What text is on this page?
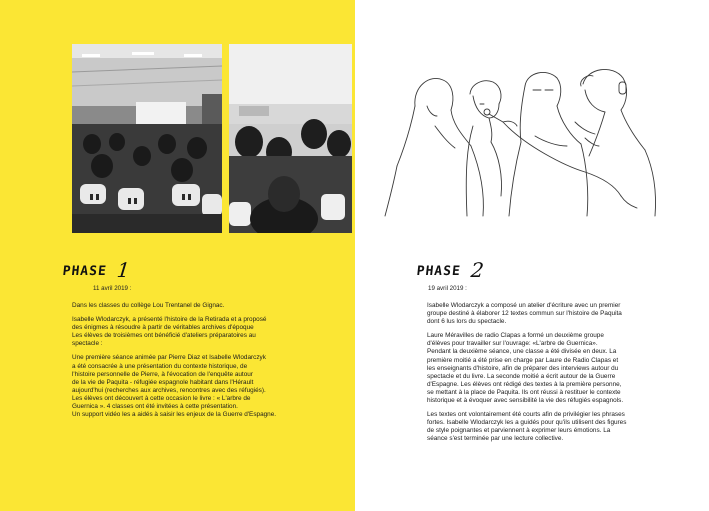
PHASE 1
11 avril 2019 :

Dans les classes du collège Lou Trentanel de Gignac.

Isabelle Wlodarczyk, a présenté l'histoire de la Retirada et a proposé
des énigmes à résoudre à partir de véritables archives d'époque
Les élèves de troisièmes ont bénéficié d'ateliers préparatoires au
spectacle :

Une première séance animée par Pierre Diaz et Isabelle Wlodarczyk
a été consacrée à une présentation du contexte historique, de
l'histoire personnelle de Pierre, à l'évocation de l'enquête autour
de la vie de Paquita - réfugiée espagnole habitant dans l'Hérault
aujourd'hui (recherches aux archives, rencontres avec des réfugiés).
Les élèves ont découvert à cette occasion le livre : « L'arbre de
Guernica ». 4 classes ont été invitées à cette présentation.
Un support vidéo les a aidés à saisir les enjeux de la Guerre d'Espagne.

PHASE 2
19 avril 2019 :

Isabelle Wlodarczyk a composé un atelier d'écriture avec un premier
groupe destiné à élaborer 12 textes commun sur l'histoire de Paquita
dont 6 lus lors du spectacle.

Laure Méravilles de radio Clapas a formé un deuxième groupe
d'élèves pour travailler sur l'ouvrage: «L'arbre de Guernica».
Pendant la deuxième séance, une classe a été divisée en deux. La
première moitié a été prise en charge par Laure de Radio Clapas et
les enseignants d'histoire, afin de préparer des interviews autour du
spectacle et du livre. La seconde moitié a écrit autour de la Guerre
d'Espagne. Les élèves ont rédigé des textes à la première personne,
se mettant à la place de Paquita. Ils ont réussi à restituer le contexte
historique et à évoquer avec sensibilité la vie des réfugiés espagnols.

Les textes ont volontairement été courts afin de privilégier les phrases
fortes. Isabelle Wlodarczyk les a guidés pour qu'ils utilisent des figures
de style poignantes et parviennent à exprimer leurs émotions. La
séance s'est terminée par une lecture collective.
